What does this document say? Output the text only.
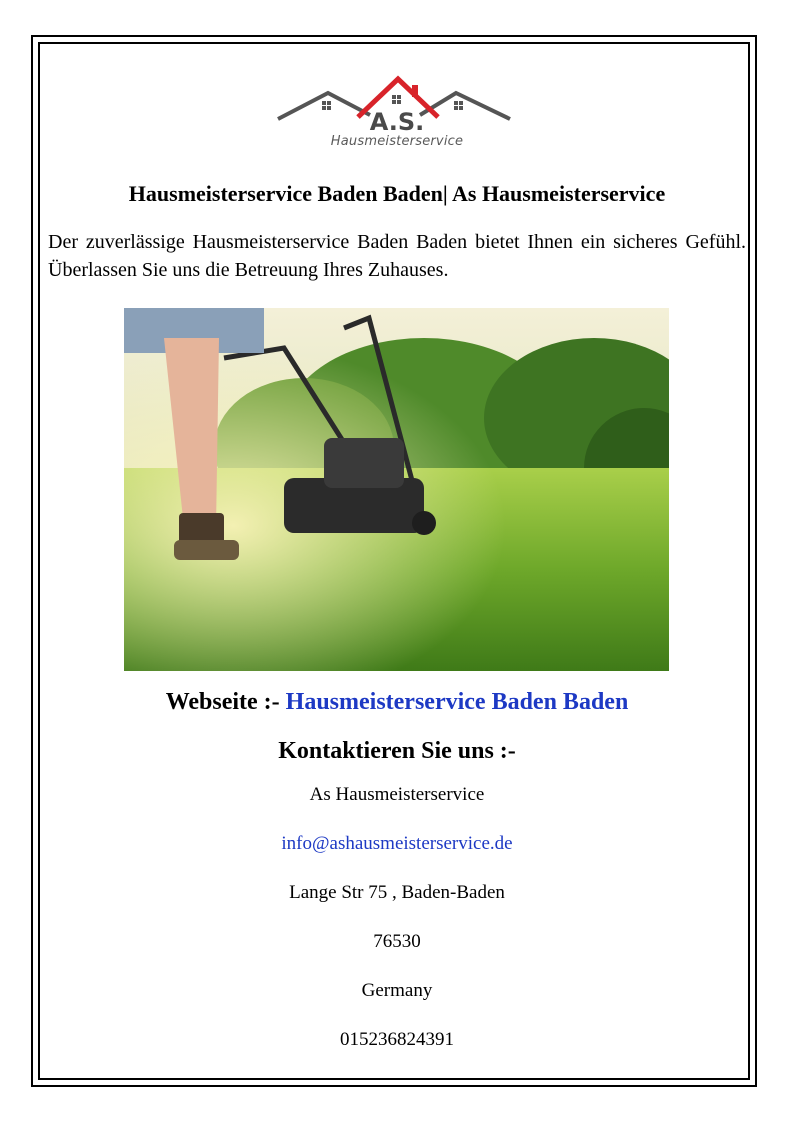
A.S.
Hausmeisterservice
Hausmeisterservice Baden Baden| As Hausmeisterservice

Der zuverlässige Hausmeisterservice Baden Baden bietet Ihnen ein sicheres Gefühl. Überlassen Sie uns die Betreuung Ihres Zuhauses.

Webseite :- Hausmeisterservice Baden Baden

Kontaktieren Sie uns :-

As Hausmeisterservice

info@ashausmeisterservice.de

Lange Str 75 , Baden-Baden

76530

Germany

015236824391
